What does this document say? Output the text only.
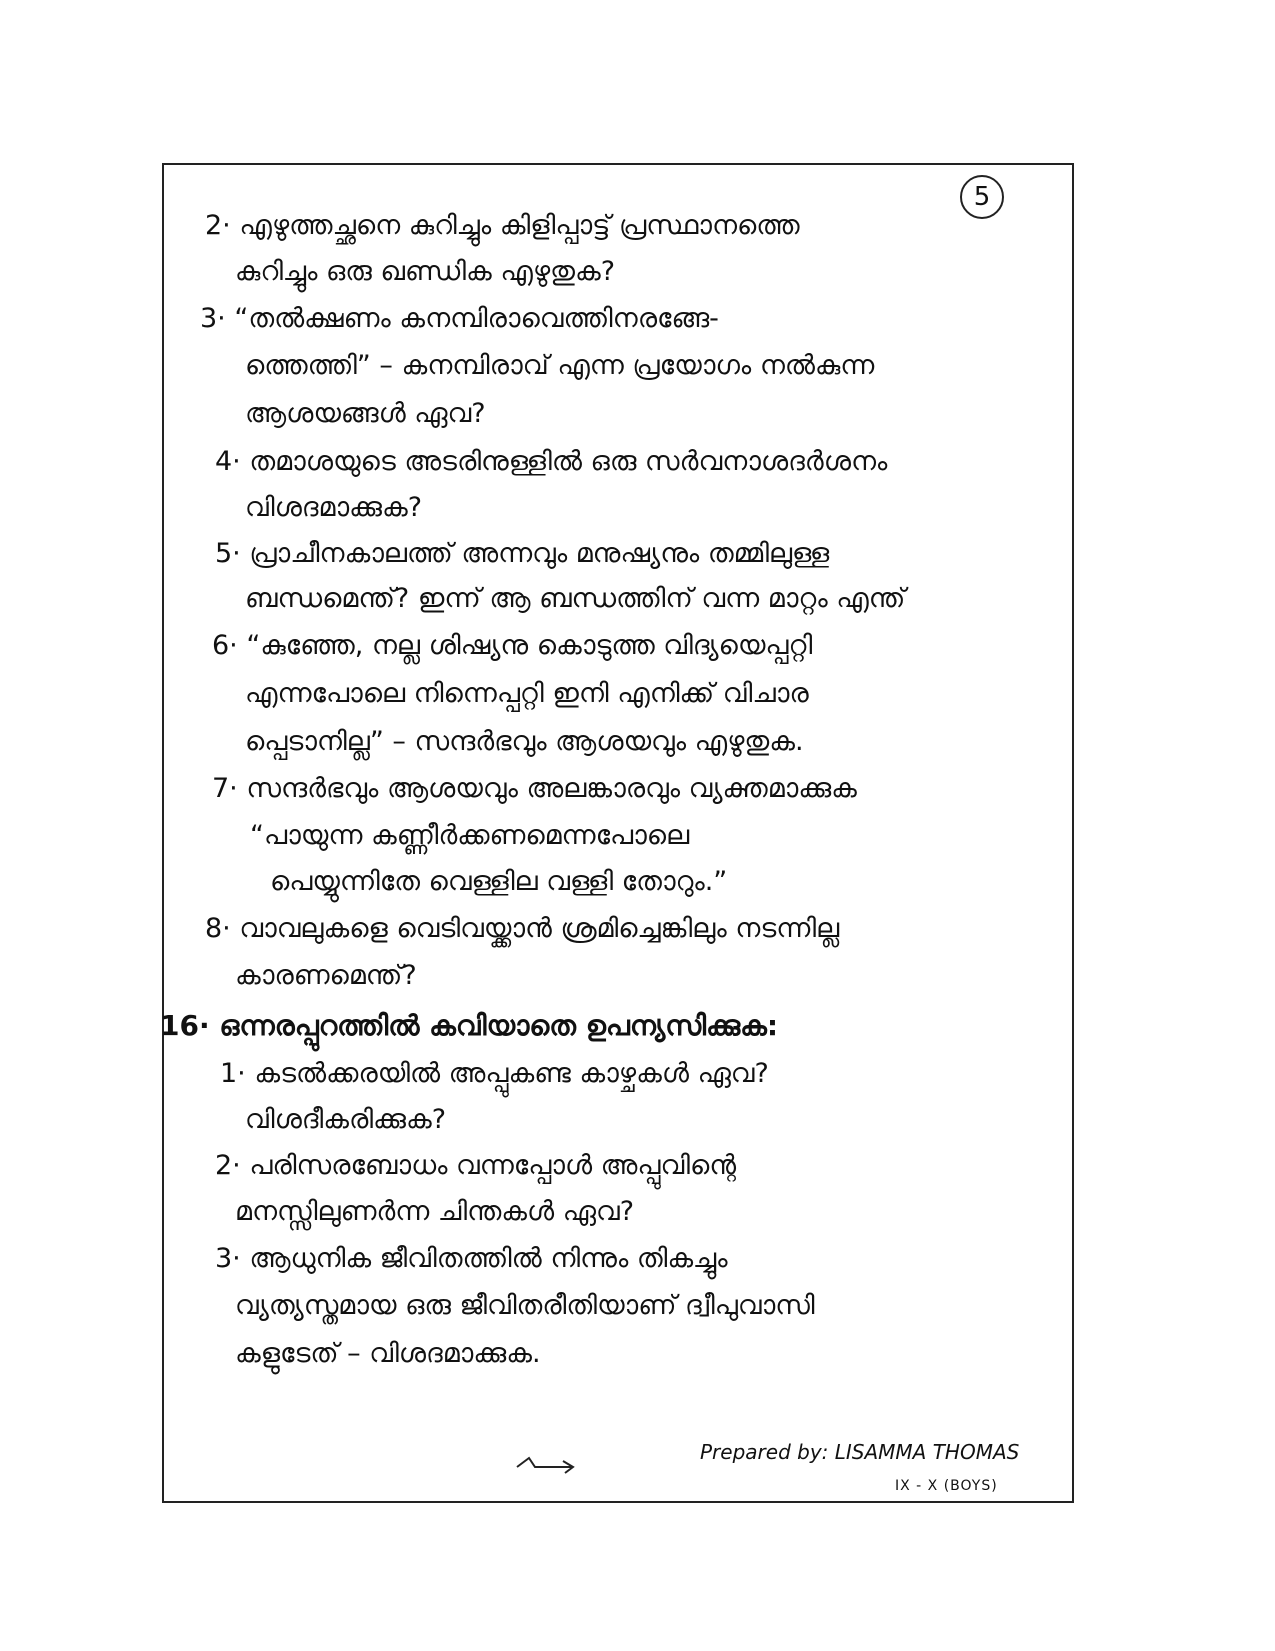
5
2· എഴുത്തച്ഛനെ കുറിച്ചും കിളിപ്പാട്ട് പ്രസ്ഥാനത്തെ
കുറിച്ചും ഒരു ഖണ്ഡിക എഴുതുക?
3· “തൽക്ഷണം കനമ്പിരാവെത്തിനരങ്ങേ-
ത്തെത്തി” – കനമ്പിരാവ് എന്ന പ്രയോഗം നൽകുന്ന
ആശയങ്ങൾ ഏവ?
4· തമാശയുടെ അടരിനുള്ളിൽ ഒരു സർവനാശദർശനം
വിശദമാക്കുക?
5· പ്രാചീനകാലത്ത് അന്നവും മനുഷ്യനും തമ്മിലുള്ള
ബന്ധമെന്ത്? ഇന്ന് ആ ബന്ധത്തിന് വന്ന മാറ്റം എന്ത്
6· “കുഞ്ഞേ, നല്ല ശിഷ്യനു കൊടുത്ത വിദ്യയെപ്പറ്റി
എന്നപോലെ നിന്നെപ്പറ്റി ഇനി എനിക്ക് വിചാര
പ്പെടാനില്ല” – സന്ദർഭവും ആശയവും എഴുതുക.
7· സന്ദർഭവും ആശയവും അലങ്കാരവും വ്യക്തമാക്കുക
“പായുന്ന കണ്ണീർക്കണമെന്നപോലെ
പെയ്യുന്നിതേ വെള്ളില വള്ളി തോറും.”
8· വാവലുകളെ വെടിവയ്ക്കാൻ ശ്രമിച്ചെങ്കിലും നടന്നില്ല
കാരണമെന്ത്?
16· ഒന്നരപ്പുറത്തിൽ കവിയാതെ ഉപന്യസിക്കുക:
1· കടൽക്കരയിൽ അപ്പുകണ്ട കാഴ്ചകൾ ഏവ?
വിശദീകരിക്കുക?
2· പരിസരബോധം വന്നപ്പോൾ അപ്പുവിന്റെ
മനസ്സിലുണർന്ന ചിന്തകൾ ഏവ?
3· ആധുനിക ജീവിതത്തിൽ നിന്നും തികച്ചും
വ്യത്യസ്തമായ ഒരു ജീവിതരീതിയാണ് ദ്വീപുവാസി
കളുടേത് – വിശദമാക്കുക.
Prepared by: LISAMMA THOMAS
IX - X (BOYS)
